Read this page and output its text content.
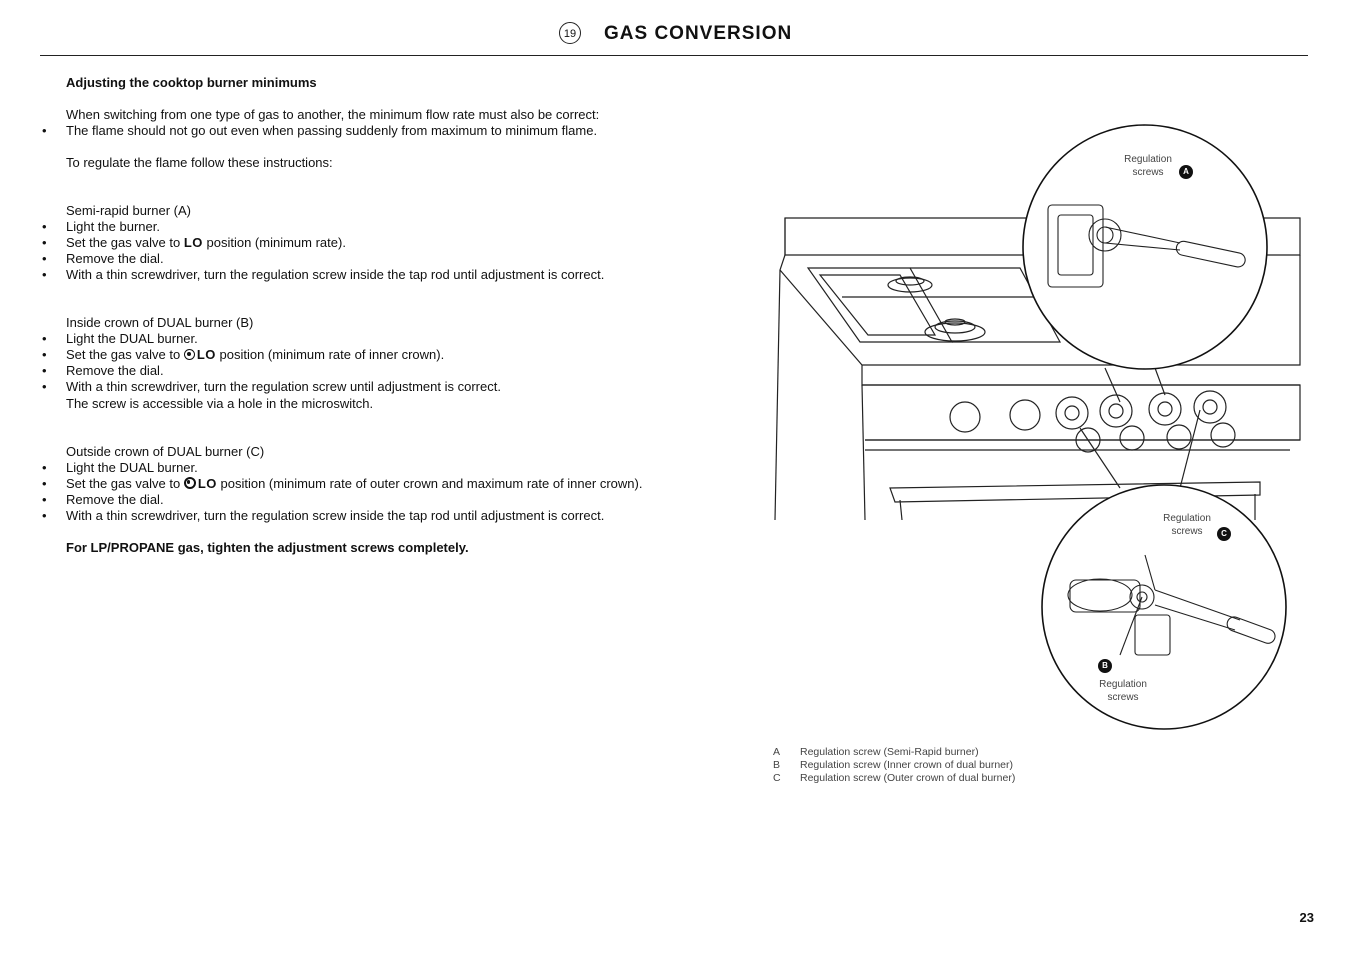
19 GAS CONVERSION
Adjusting the cooktop burner minimums
When switching from one type of gas to another, the minimum flow rate must also be correct:
• The flame should not go out even when passing suddenly from maximum to minimum flame.
To regulate the flame follow these instructions:
Semi-rapid burner (A)
• Light the burner.
• Set the gas valve to LO position (minimum rate).
• Remove the dial.
• With a thin screwdriver, turn the regulation screw inside the tap rod until adjustment is correct.
Inside crown of DUAL burner (B)
• Light the DUAL burner.
• Set the gas valve to LO position (minimum rate of inner crown).
• Remove the dial.
• With a thin screwdriver, turn the regulation screw until adjustment is correct.
The screw is accessible via a hole in the microswitch.
Outside crown of DUAL burner (C)
• Light the DUAL burner.
• Set the gas valve to LO position (minimum rate of outer crown and maximum rate of inner crown).
• Remove the dial.
• With a thin screwdriver, turn the regulation screw inside the tap rod until adjustment is correct.
For LP/PROPANE gas, tighten the adjustment screws completely.
Regulation
screws	A
Regulation
screws	C
B
Regulation
screws
A Regulation screw (Semi-Rapid burner)
B Regulation screw (Inner crown of dual burner)
C Regulation screw (Outer crown of dual burner)
23
